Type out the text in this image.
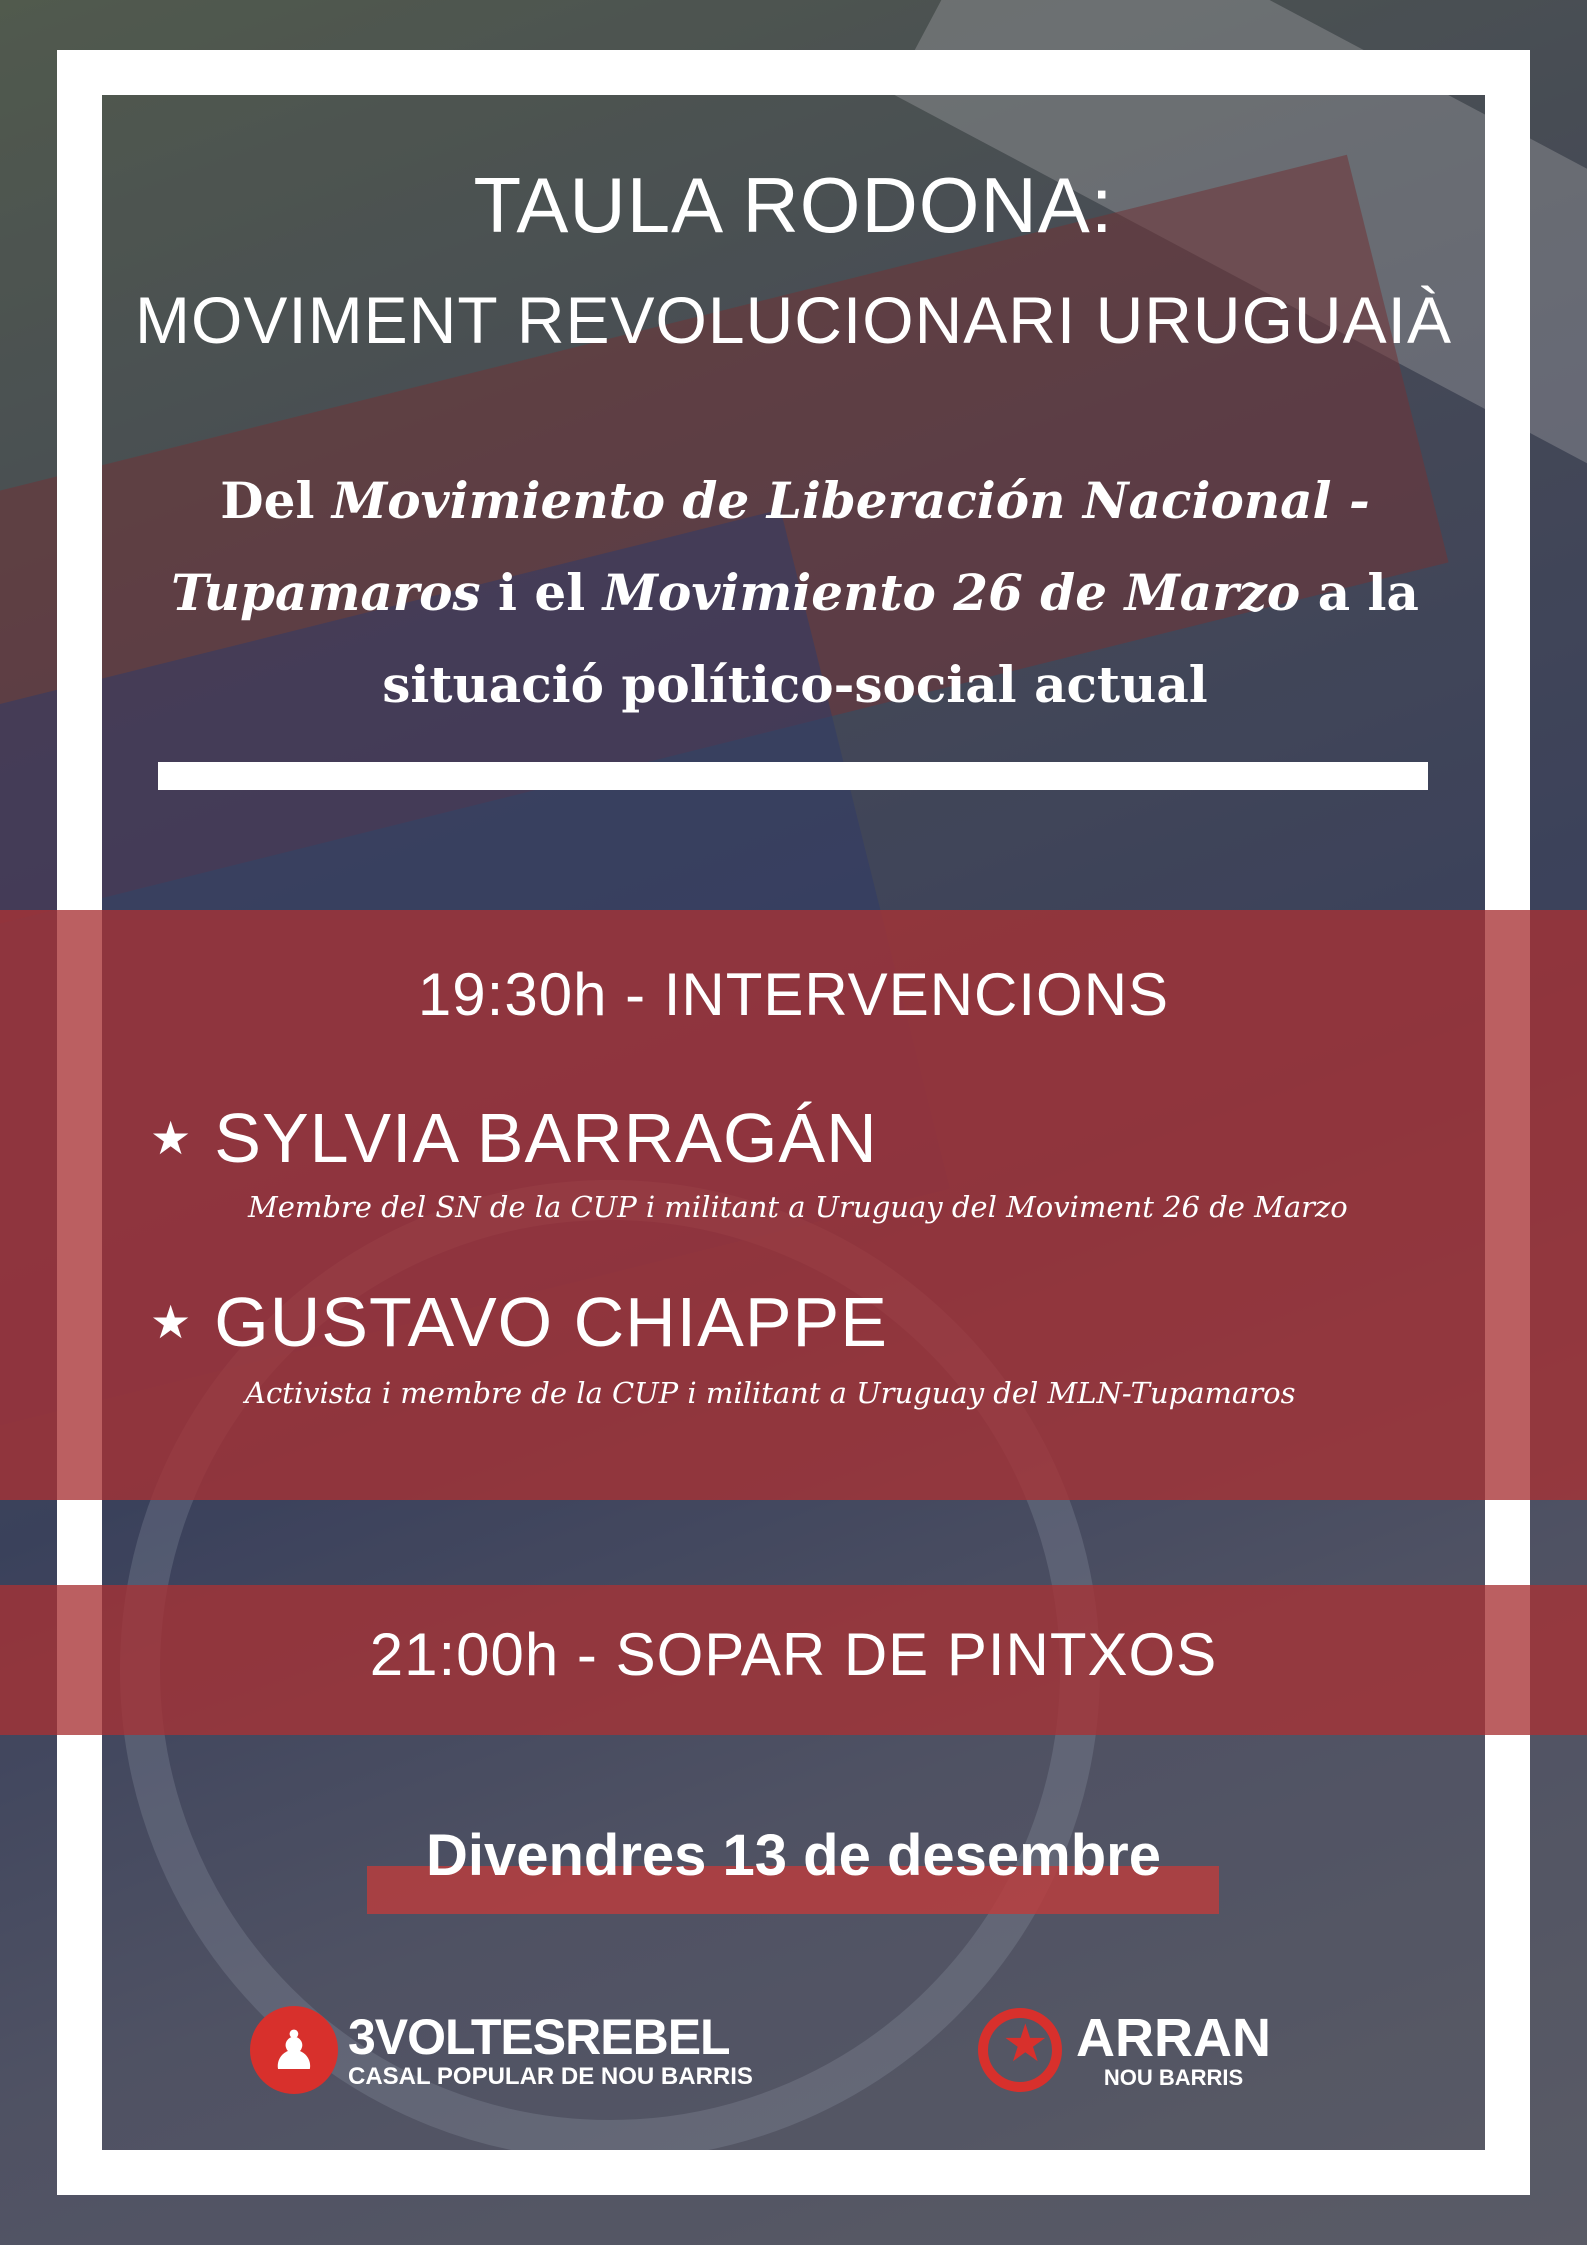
TAULA RODONA:
MOVIMENT REVOLUCIONARI URUGUAIÀ
Del Movimiento de Liberación Nacional - Tupamaros i el Movimiento 26 de Marzo a la situació político-social actual
19:30h - INTERVENCIONS
★ SYLVIA BARRAGÁN
Membre del SN de la CUP i militant a Uruguay del Moviment 26 de Marzo
★ GUSTAVO CHIAPPE
Activista i membre de la CUP i militant a Uruguay del MLN-Tupamaros
21:00h - SOPAR DE PINTXOS
Divendres 13 de desembre
♟ 3VOLTESREBEL
CASAL POPULAR DE NOU BARRIS
★ ARRAN
NOU BARRIS
